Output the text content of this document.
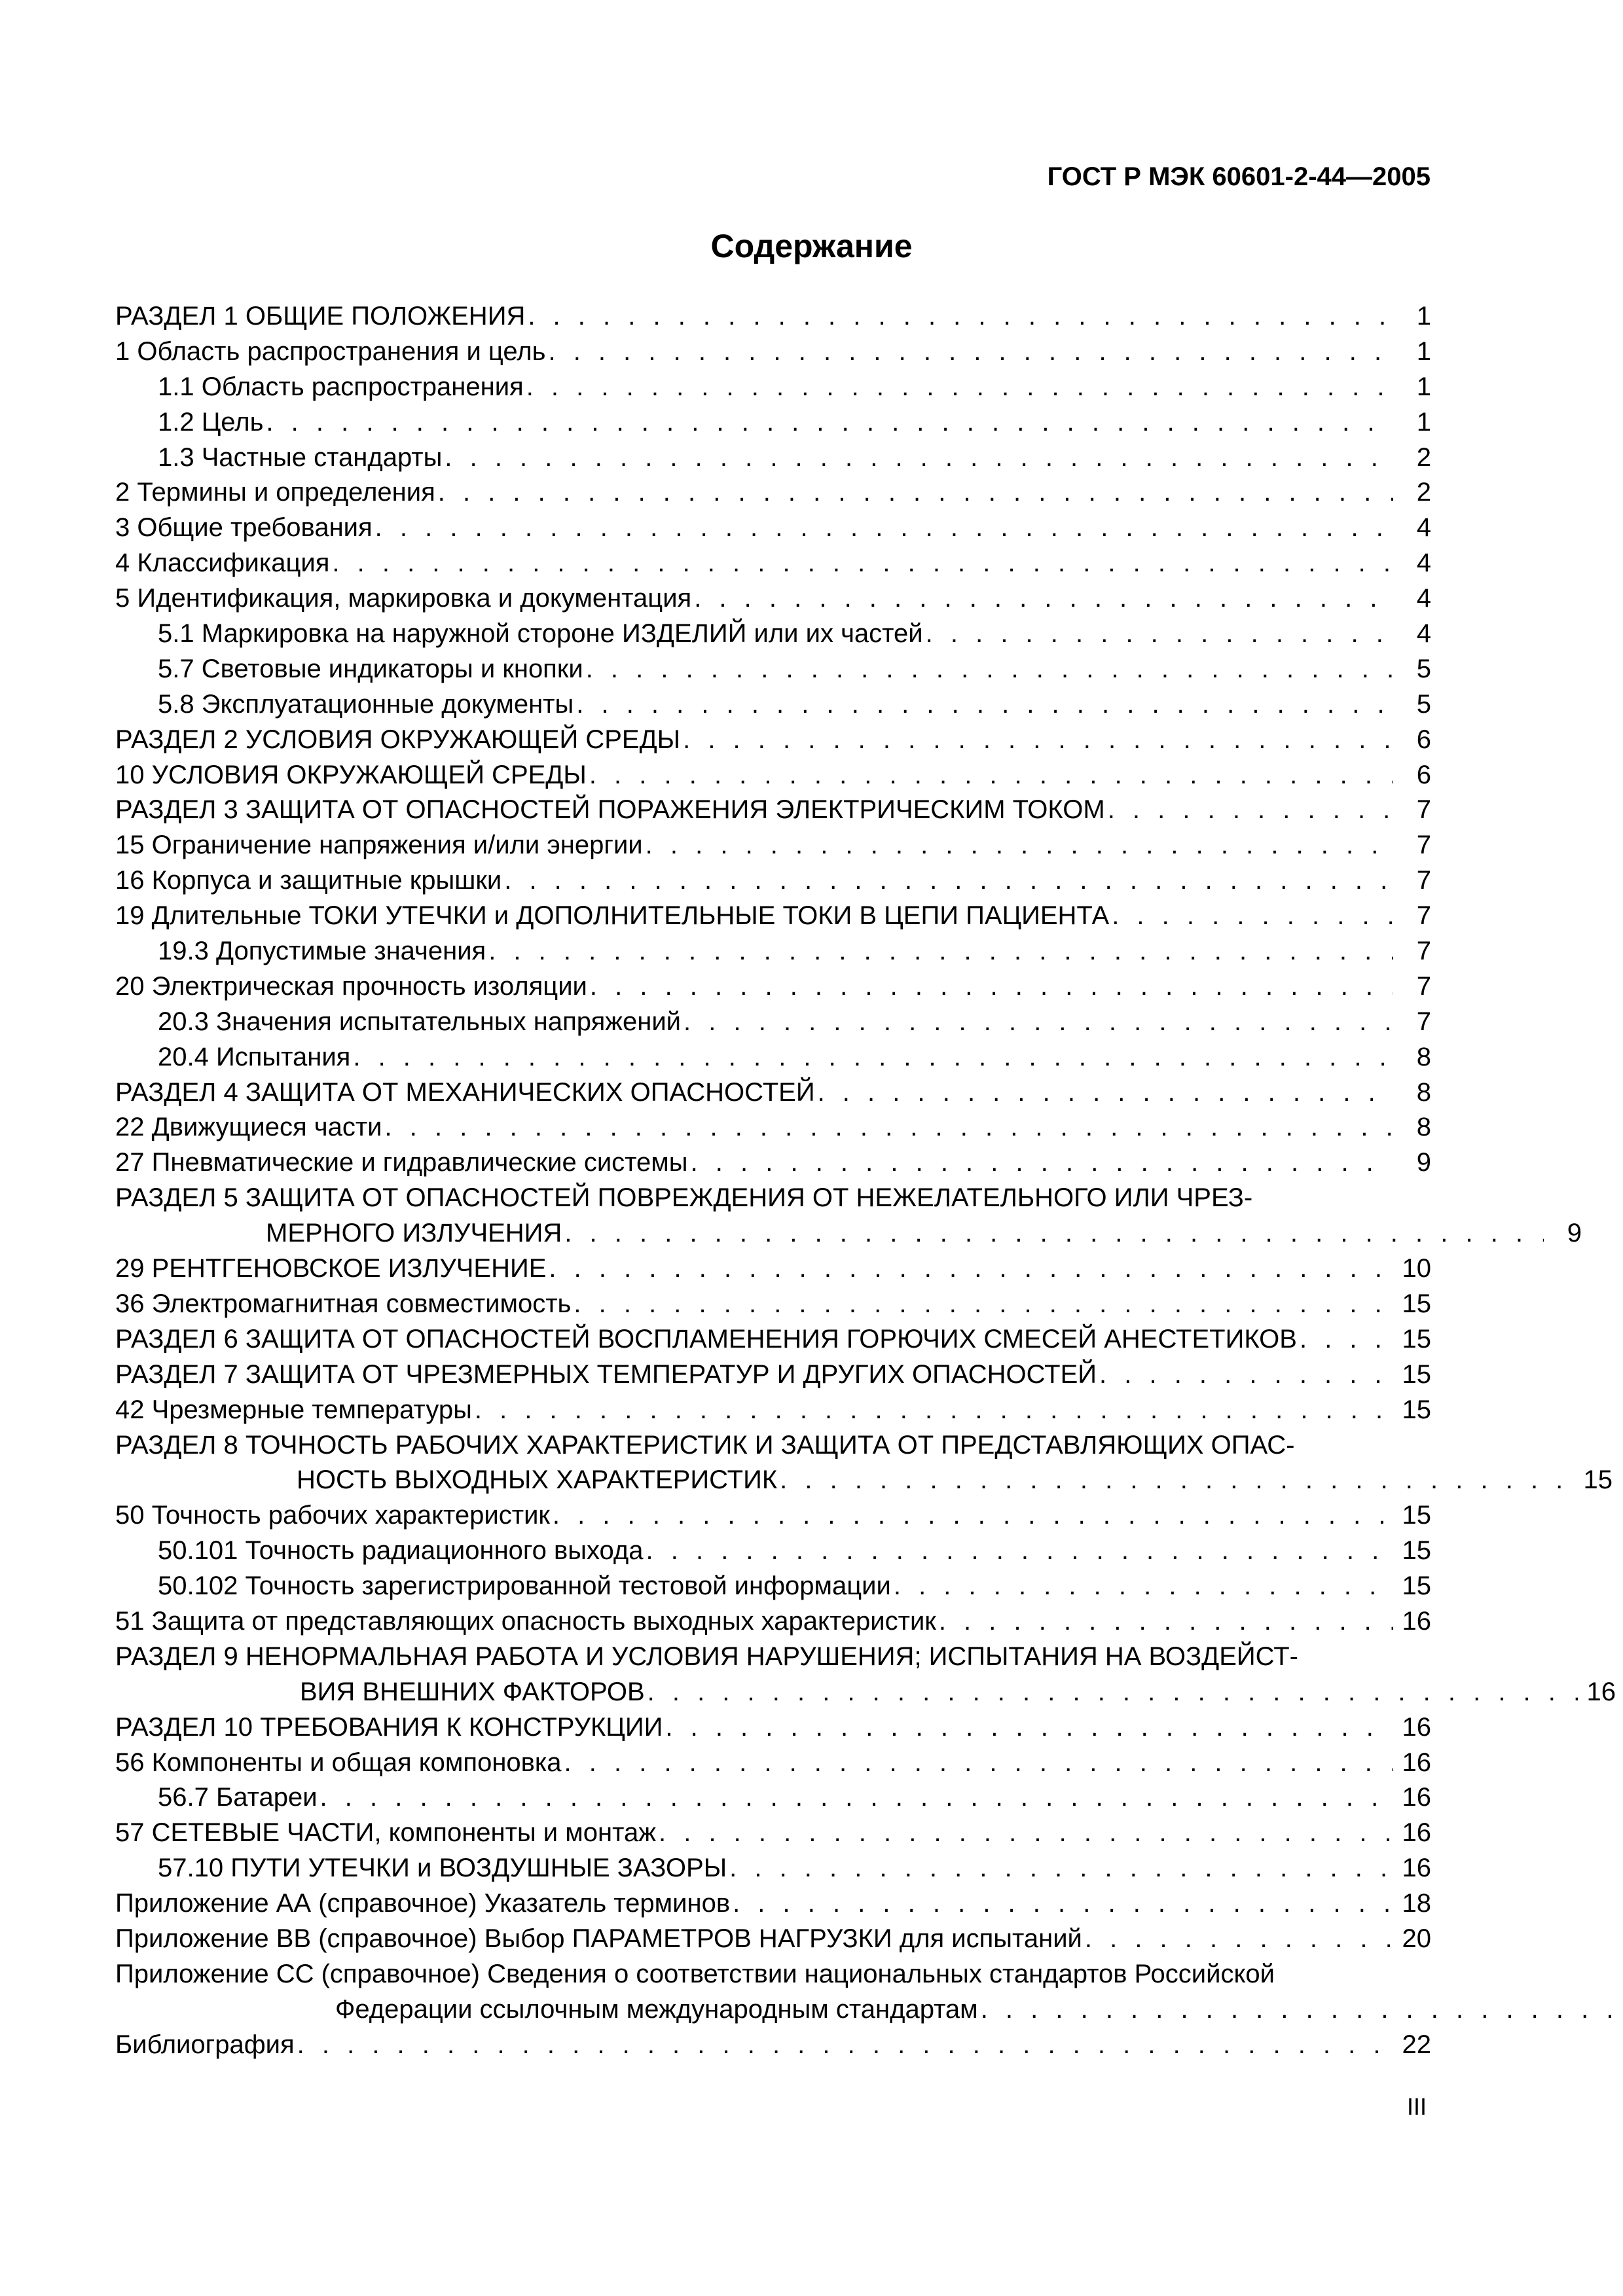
ГОСТ Р МЭК 60601-2-44—2005
Содержание
РАЗДЕЛ 1 ОБЩИЕ ПОЛОЖЕНИЯ . . .	1
1 Область распространения и цель . . .	1
1.1 Область распространения . . .	1
1.2 Цель . . .	1
1.3 Частные стандарты . . .	2
2 Термины и определения . . .	2
3 Общие требования . . .	4
4 Классификация . . .	4
5 Идентификация, маркировка и документация . . .	4
5.1 Маркировка на наружной стороне ИЗДЕЛИЙ или их частей . . .	4
5.7 Световые индикаторы и кнопки . . .	5
5.8 Эксплуатационные документы . . .	5
РАЗДЕЛ 2 УСЛОВИЯ ОКРУЖАЮЩЕЙ СРЕДЫ . . .	6
10 УСЛОВИЯ ОКРУЖАЮЩЕЙ СРЕДЫ . . .	6
РАЗДЕЛ 3 ЗАЩИТА ОТ ОПАСНОСТЕЙ ПОРАЖЕНИЯ ЭЛЕКТРИЧЕСКИМ ТОКОМ . . .	7
15 Ограничение напряжения и/или энергии . . .	7
16 Корпуса и защитные крышки . . .	7
19 Длительные ТОКИ УТЕЧКИ и ДОПОЛНИТЕЛЬНЫЕ ТОКИ В ЦЕПИ ПАЦИЕНТА . . .	7
19.3 Допустимые значения . . .	7
20 Электрическая прочность изоляции . . .	7
20.3 Значения испытательных напряжений . . .	7
20.4 Испытания . . .	8
РАЗДЕЛ 4 ЗАЩИТА ОТ МЕХАНИЧЕСКИХ ОПАСНОСТЕЙ . . .	8
22 Движущиеся части . . .	8
27 Пневматические и гидравлические системы . . .	9
РАЗДЕЛ 5 ЗАЩИТА ОТ ОПАСНОСТЕЙ ПОВРЕЖДЕНИЯ ОТ НЕЖЕЛАТЕЛЬНОГО ИЛИ ЧРЕЗ-
МЕРНОГО ИЗЛУЧЕНИЯ . . .	9
29 РЕНТГЕНОВСКОЕ ИЗЛУЧЕНИЕ . . .	10
36 Электромагнитная совместимость . . .	15
РАЗДЕЛ 6 ЗАЩИТА ОТ ОПАСНОСТЕЙ ВОСПЛАМЕНЕНИЯ ГОРЮЧИХ СМЕСЕЙ АНЕСТЕТИКОВ . . .	15
РАЗДЕЛ 7 ЗАЩИТА ОТ ЧРЕЗМЕРНЫХ ТЕМПЕРАТУР И ДРУГИХ ОПАСНОСТЕЙ . . .	15
42 Чрезмерные температуры . . .	15
РАЗДЕЛ 8 ТОЧНОСТЬ РАБОЧИХ ХАРАКТЕРИСТИК И ЗАЩИТА ОТ ПРЕДСТАВЛЯЮЩИХ ОПАС-
НОСТЬ ВЫХОДНЫХ ХАРАКТЕРИСТИК . . .	15
50 Точность рабочих характеристик . . .	15
50.101 Точность радиационного выхода . . .	15
50.102 Точность зарегистрированной тестовой информации . . .	15
51 Защита от представляющих опасность выходных характеристик . . .	16
РАЗДЕЛ 9 НЕНОРМАЛЬНАЯ РАБОТА И УСЛОВИЯ НАРУШЕНИЯ; ИСПЫТАНИЯ НА ВОЗДЕЙСТ-
ВИЯ ВНЕШНИХ ФАКТОРОВ . . .	16
РАЗДЕЛ 10 ТРЕБОВАНИЯ К КОНСТРУКЦИИ . . .	16
56 Компоненты и общая компоновка . . .	16
56.7 Батареи . . .	16
57 СЕТЕВЫЕ ЧАСТИ, компоненты и монтаж . . .	16
57.10 ПУТИ УТЕЧКИ и ВОЗДУШНЫЕ ЗАЗОРЫ . . .	16
Приложение АА (справочное) Указатель терминов . . .	18
Приложение ВВ (справочное) Выбор ПАРАМЕТРОВ НАГРУЗКИ для испытаний . . .	20
Приложение СС (справочное) Сведения о соответствии национальных стандартов Российской
Федерации ссылочным международным стандартам
. . .
Библиография . . .	22
III
